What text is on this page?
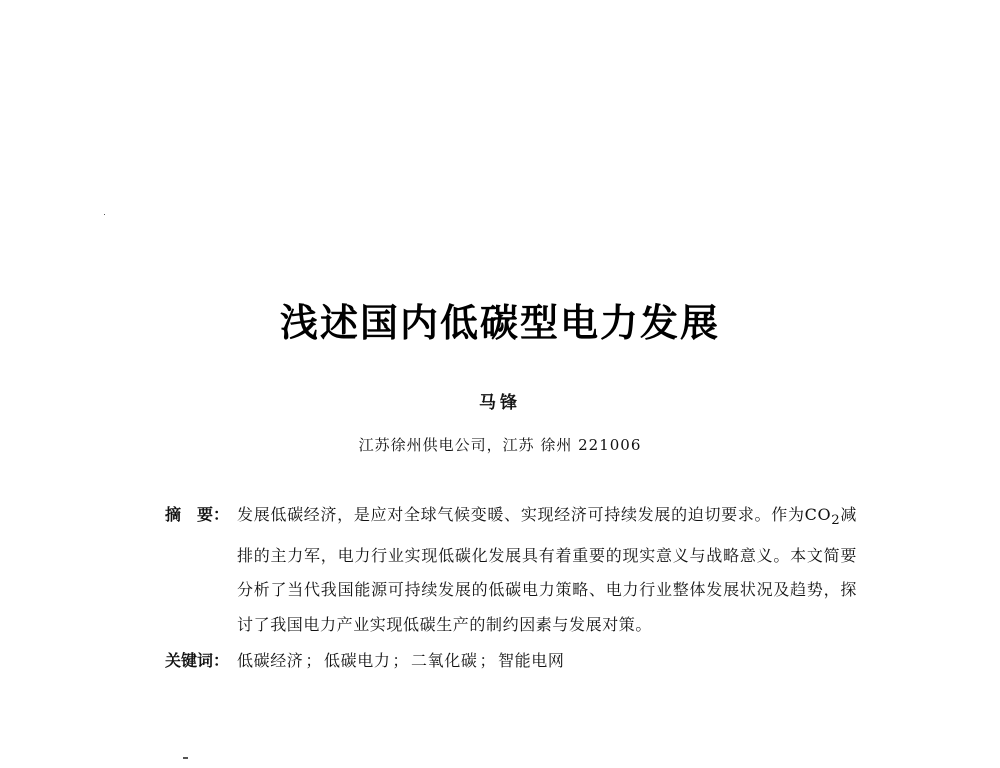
浅述国内低碳型电力发展

马锋

江苏徐州供电公司，江苏 徐州 221006

摘　要： 发展低碳经济，是应对全球气候变暖、实现经济可持续发展的迫切要求。作为$CO_2$减排的主力军，电力行业实现低碳化发展具有着重要的现实意义与战略意义。本文简要分析了当代我国能源可持续发展的低碳电力策略、电力行业整体发展状况及趋势，探讨了我国电力产业实现低碳生产的制约因素与发展对策。
关键词： 低碳经济 ； 低碳电力 ； 二氧化碳 ； 智能电网
